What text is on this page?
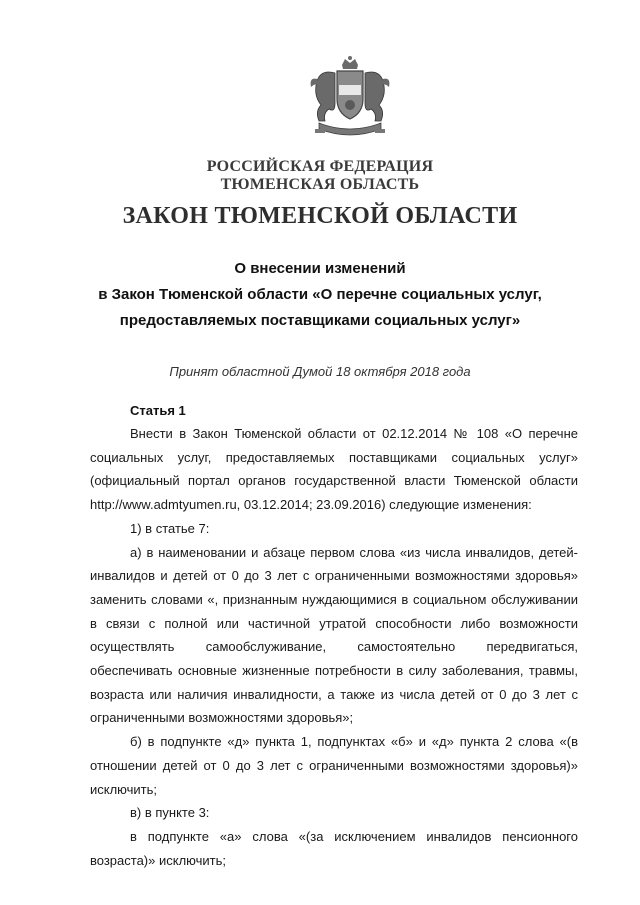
РОССИЙСКАЯ ФЕДЕРАЦИЯ
ТЮМЕНСКАЯ ОБЛАСТЬ
ЗАКОН ТЮМЕНСКОЙ ОБЛАСТИ
О внесении изменений
в Закон Тюменской области «О перечне социальных услуг,
предоставляемых поставщиками социальных услуг»
Принят областной Думой 18 октября 2018 года
Статья 1

Внести в Закон Тюменской области от 02.12.2014 № 108 «О перечне социальных услуг, предоставляемых поставщиками социальных услуг» (официальный портал органов государственной власти Тюменской области http://www.admtyumen.ru, 03.12.2014; 23.09.2016) следующие изменения:

1) в статье 7:

а) в наименовании и абзаце первом слова «из числа инвалидов, детей-инвалидов и детей от 0 до 3 лет с ограниченными возможностями здоровья» заменить словами «, признанным нуждающимися в социальном обслуживании в связи с полной или частичной утратой способности либо возможности осуществлять самообслуживание, самостоятельно передвигаться, обеспечивать основные жизненные потребности в силу заболевания, травмы, возраста или наличия инвалидности, а также из числа детей от 0 до 3 лет с ограниченными возможностями здоровья»;

б) в подпункте «д» пункта 1, подпунктах «б» и «д» пункта 2 слова «(в отношении детей от 0 до 3 лет с ограниченными возможностями здоровья)» исключить;

в) в пункте 3:

в подпункте «а» слова «(за исключением инвалидов пенсионного возраста)» исключить;
